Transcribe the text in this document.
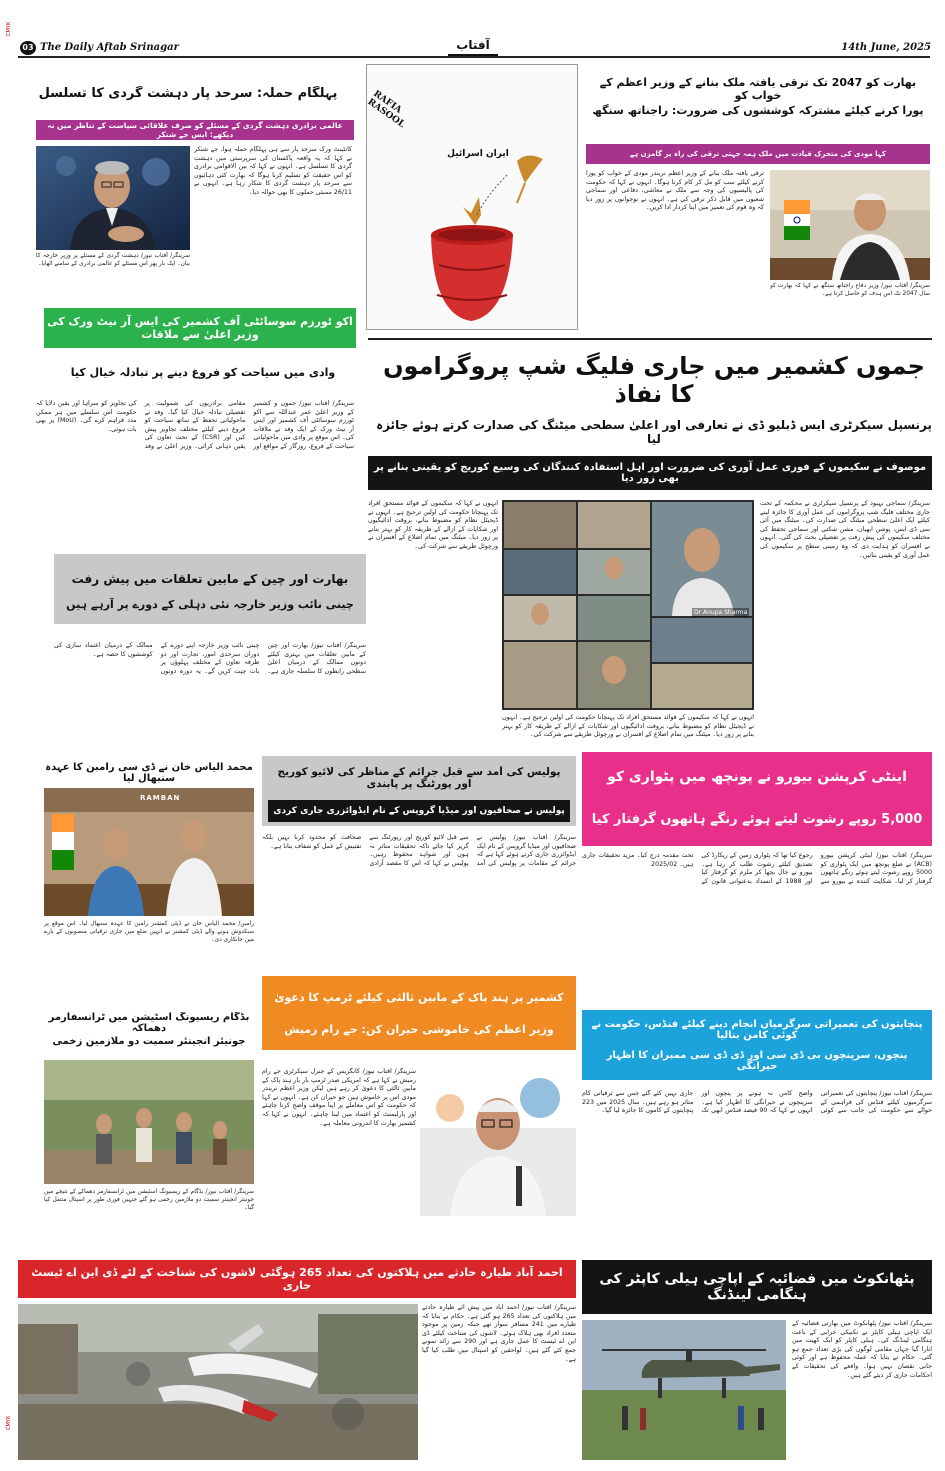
CMYK
03 The Daily Aftab Srinagar	آفتاب	14th June, 2025
پہلگام حملہ: سرحد پار دہشت گردی کا تسلسل
عالمی برادری دہشت گردی کے مسئلے کو صرف علاقائی سیاست کے تناظر میں نہ دیکھے: ایس جے شنکر
کانٹینٹ ورک سرحد پار سے ہی پہلگام حملہ ہوا، جے شنکر نے کہا کہ یہ واقعہ پاکستان کی سرپرستی میں دہشت گردی کا تسلسل ہے۔ انہوں نے کہا کہ بین الاقوامی برادری کو اس حقیقت کو تسلیم کرنا ہوگا کہ بھارت کئی دہائیوں سے سرحد پار دہشت گردی کا شکار رہا ہے۔ انہوں نے 26/11 ممبئی حملوں کا بھی حوالہ دیا۔
سرینگر/ آفتاب نیوز/ دہشت گردی کے مسئلے پر وزیر خارجہ کا بیان۔ ایک بار پھر اس مسئلے کو عالمی برادری کے سامنے اٹھایا۔
RAFIA RASOOL
ایران اسرائیل
بھارت کو 2047 تک ترقی یافتہ ملک بنانے کے وزیر اعظم کے خواب کو
پورا کرنے کیلئے مشترکہ کوششوں کی ضرورت: راجناتھ سنگھ
کہا مودی کی متحرک قیادت میں ملک ہمہ جہتی ترقی کی راہ پر گامزن ہے
ترقی یافتہ ملک بنانے کے وزیر اعظم نریندر مودی کے خواب کو پورا کرنے کیلئے سب کو مل کر کام کرنا ہوگا۔ انہوں نے کہا کہ حکومت کی پالیسیوں کی وجہ سے ملک نے معاشی، دفاعی اور سماجی شعبوں میں قابل ذکر ترقی کی ہے۔ انہوں نے نوجوانوں پر زور دیا کہ وہ قوم کی تعمیر میں اپنا کردار ادا کریں۔
سرینگر/ آفتاب نیوز/ وزیر دفاع راجناتھ سنگھ نے کہا کہ بھارت کو سال 2047 تک اس ہدف کو حاصل کرنا ہے۔
اکو ٹورزم سوسائٹی آف کشمیر کی ایس آر نیٹ ورک کی وزیر اعلیٰ سے ملاقات
وادی میں سیاحت کو فروغ دینے پر تبادلہ خیال کیا
سرینگر/ آفتاب نیوز/ جموں و کشمیر کے وزیر اعلیٰ عمر عبداللہ سے اکو ٹورزم سوسائٹی آف کشمیر اور ایس آر نیٹ ورک کے ایک وفد نے ملاقات کی۔ اس موقع پر وادی میں ماحولیاتی سیاحت کے فروغ، روزگار کے مواقع اور مقامی برادریوں کی شمولیت پر تفصیلی تبادلہ خیال کیا گیا۔ وفد نے ماحولیاتی تحفظ کے ساتھ سیاحت کو فروغ دینے کیلئے مختلف تجاویز پیش کیں اور (CSR) کے تحت تعاون کی یقین دہانی کرائی۔ وزیر اعلیٰ نے وفد کی تجاویز کو سراہا اور یقین دلایا کہ حکومت اس سلسلے میں ہر ممکن مدد فراہم کرے گی۔ (MoU) پر بھی بات ہوئی۔
بھارت اور چین کے مابین تعلقات میں پیش رفت
چینی نائب وزیر خارجہ نئی دہلی کے دورے پر آرہے ہیں
سرینگر/ آفتاب نیوز/ بھارت اور چین کے مابین تعلقات میں بہتری کیلئے دونوں ممالک کے درمیان اعلیٰ سطحی رابطوں کا سلسلہ جاری ہے۔ چینی نائب وزیر خارجہ اپنے دورے کے دوران سرحدی امور، تجارت اور دو طرفہ تعاون کے مختلف پہلوؤں پر بات چیت کریں گے۔ یہ دورہ دونوں ممالک کے درمیان اعتماد سازی کی کوششوں کا حصہ ہے۔
جموں کشمیر میں جاری فلیگ شپ پروگراموں کا نفاذ
پرنسپل سیکرٹری ایس ڈبلیو ڈی نے تعارفی اور اعلیٰ سطحی میٹنگ کی صدارت کرتے ہوئے جائزہ لیا
موصوف نے سکیموں کے فوری عمل آوری کی ضرورت اور اہل استفادہ کنندگان کی وسیع کوریج کو یقینی بنانے پر بھی زور دیا
سرینگر/ سماجی بہبود کے پرنسپل سیکرٹری نے محکمہ کے تحت جاری مختلف فلیگ شپ پروگراموں کی عمل آوری کا جائزہ لینے کیلئے ایک اعلیٰ سطحی میٹنگ کی صدارت کی۔ میٹنگ میں آئی سی ڈی ایس، پوشن ابھیان، مشن شکتی اور سماجی تحفظ کی مختلف سکیموں کی پیش رفت پر تفصیلی بحث کی گئی۔ انہوں نے افسران کو ہدایت دی کہ وہ زمینی سطح پر سکیموں کی عمل آوری کو یقینی بنائیں۔
انہوں نے کہا کہ سکیموں کے فوائد مستحق افراد تک پہنچانا حکومت کی اولین ترجیح ہے۔ انہوں نے ڈیجیٹل نظام کو مضبوط بنانے، بروقت ادائیگیوں اور شکایات کے ازالے کے طریقہ کار کو بہتر بنانے پر زور دیا۔ میٹنگ میں تمام اضلاع کے افسران نے ورچوئل طریقے سے شرکت کی۔
Dr Anupa Sharma
انہوں نے کہا کہ سکیموں کے فوائد مستحق افراد تک پہنچانا حکومت کی اولین ترجیح ہے۔ انہوں نے ڈیجیٹل نظام کو مضبوط بنانے، بروقت ادائیگیوں اور شکایات کے ازالے کے طریقہ کار کو بہتر بنانے پر زور دیا۔ میٹنگ میں تمام اضلاع کے افسران نے ورچوئل طریقے سے شرکت کی۔
محمد الیاس خان نے ڈی سی رامبن کا عہدہ سنبھال لیا
RAMBAN
رامبن/ محمد الیاس خان نے ڈپٹی کمشنر رامبن کا عہدہ سنبھال لیا۔ اس موقع پر سبکدوش ہونے والے ڈپٹی کمشنر نے انہیں ضلع میں جاری ترقیاتی منصوبوں کے بارے میں جانکاری دی۔
پولیس کی آمد سے قبل جرائم کے مناظر کی لائیو کوریج اور پورٹنگ پر پابندی
پولیس نے صحافیوں اور میڈیا گروپس کے نام ایڈوائزری جاری کردی
سرینگر/ آفتاب نیوز/ پولیس نے صحافیوں اور میڈیا گروپس کے نام ایک ایڈوائزری جاری کرتے ہوئے کہا ہے کہ جرائم کے مقامات پر پولیس کی آمد سے قبل لائیو کوریج اور رپورٹنگ سے گریز کیا جائے تاکہ تحقیقات متاثر نہ ہوں اور شواہد محفوظ رہیں۔ پولیس نے کہا کہ اس کا مقصد آزادی صحافت کو محدود کرنا نہیں بلکہ تفتیش کے عمل کو شفاف بنانا ہے۔
اینٹی کرپشن بیورو نے پونچھ میں پٹواری کو
5,000 روپے رشوت لیتے ہوئے رنگے ہاتھوں گرفتار کیا
سرینگر/ آفتاب نیوز/ اینٹی کرپشن بیورو (ACB) نے ضلع پونچھ میں ایک پٹواری کو 5000 روپے رشوت لیتے ہوئے رنگے ہاتھوں گرفتار کر لیا۔ شکایت کنندہ نے بیورو سے رجوع کیا تھا کہ پٹواری زمین کے ریکارڈ کی تصدیق کیلئے رشوت طلب کر رہا ہے۔ بیورو نے جال بچھا کر ملزم کو گرفتار کیا اور 1988 کے انسداد بدعنوانی قانون کے تحت مقدمہ درج کیا۔ مزید تحقیقات جاری ہیں۔ 2025/02
کشمیر پر ہند پاک کے مابین ثالثی کیلئے ٹرمپ کا دعویٰ
وزیر اعظم کی خاموشی حیران کن: جے رام رمیش
سرینگر/ آفتاب نیوز/ کانگریس کے جنرل سیکرٹری جے رام رمیش نے کہا ہے کہ امریکی صدر ٹرمپ بار بار ہند پاک کے مابین ثالثی کا دعویٰ کر رہے ہیں لیکن وزیر اعظم نریندر مودی اس پر خاموش ہیں جو حیران کن ہے۔ انہوں نے کہا کہ حکومت کو اس معاملے پر اپنا موقف واضح کرنا چاہئے اور پارلیمنٹ کو اعتماد میں لینا چاہئے۔ انہوں نے کہا کہ کشمیر بھارت کا اندرونی معاملہ ہے۔
بڈگام ریسیونگ اسٹیشن میں ٹرانسفارمر دھماکہ
جونیئر انجینئر سمیت دو ملازمین زخمی
سرینگر/ آفتاب نیوز/ بڈگام کے ریسیونگ اسٹیشن میں ٹرانسفارمر دھماکے کے نتیجے میں جونیئر انجینئر سمیت دو ملازمین زخمی ہو گئے جنہیں فوری طور پر اسپتال منتقل کیا گیا۔
پنچایتوں کی تعمیراتی سرگرمیاں انجام دینے کیلئے فنڈس، حکومت نے کوئی کامن بنالیا
پنچوں، سرپنچوں بی ڈی سی اور ڈی ڈی سی ممبران کا اظہار حیرانگی
سرینگر/ آفتاب نیوز/ پنچایتوں کی تعمیراتی سرگرمیوں کیلئے فنڈس کی فراہمی کے حوالے سے حکومت کی جانب سے کوئی واضح کامن نہ ہونے پر پنچوں اور سرپنچوں نے حیرانگی کا اظہار کیا ہے۔ انہوں نے کہا کہ 90 فیصد فنڈس ابھی تک جاری نہیں کئے گئے جس سے ترقیاتی کام متاثر ہو رہے ہیں۔ سال 2025 میں 223 پنچایتوں کے کاموں کا جائزہ لیا گیا۔
احمد آباد طیارہ حادثے میں ہلاکتوں کی تعداد 265 ہوگئی لاشوں کی شناخت کے لئے ڈی این اے ٹیسٹ جاری
سرینگر/ آفتاب نیوز/ احمد آباد میں پیش آئے طیارہ حادثے میں ہلاکتوں کی تعداد 265 ہو گئی ہے۔ حکام نے بتایا کہ طیارے میں 241 مسافر سوار تھے جبکہ زمین پر موجود متعدد افراد بھی ہلاک ہوئے۔ لاشوں کی شناخت کیلئے ڈی این اے ٹیسٹ کا عمل جاری ہے اور 290 سے زائد نمونے جمع کئے گئے ہیں۔ لواحقین کو اسپتال میں طلب کیا گیا ہے۔
پٹھانکوٹ میں فضائیہ کے اپاچی ہیلی کاپٹر کی ہنگامی لینڈنگ
سرینگر/ آفتاب نیوز/ پٹھانکوٹ میں بھارتی فضائیہ کے ایک اپاچی ہیلی کاپٹر نے تکنیکی خرابی کے باعث ہنگامی لینڈنگ کی۔ ہیلی کاپٹر کو ایک کھیت میں اتارا گیا جہاں مقامی لوگوں کی بڑی تعداد جمع ہو گئی۔ حکام نے بتایا کہ عملہ محفوظ ہے اور کوئی جانی نقصان نہیں ہوا۔ واقعے کی تحقیقات کے احکامات جاری کر دیئے گئے ہیں۔
CMYK
